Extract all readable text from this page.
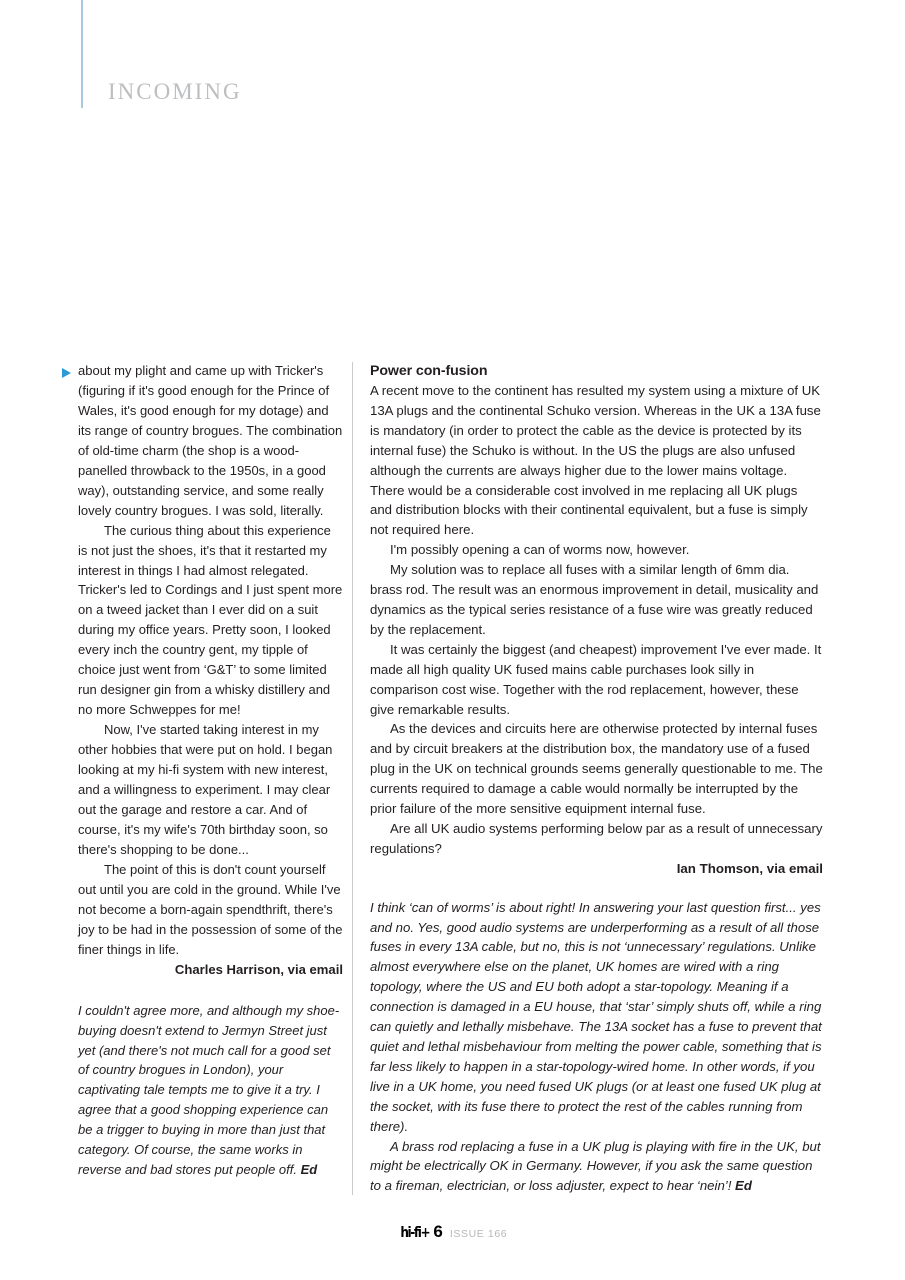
INCOMING

about my plight and came up with Tricker's (figuring if it's good enough for the Prince of Wales, it's good enough for my dotage) and its range of country brogues. The combination of old-time charm (the shop is a wood-panelled throwback to the 1950s, in a good way), outstanding service, and some really lovely country brogues. I was sold, literally.

The curious thing about this experience is not just the shoes, it's that it restarted my interest in things I had almost relegated. Tricker's led to Cordings and I just spent more on a tweed jacket than I ever did on a suit during my office years. Pretty soon, I looked every inch the country gent, my tipple of choice just went from ‘G&T’ to some limited run designer gin from a whisky distillery and no more Schweppes for me!

Now, I've started taking interest in my other hobbies that were put on hold. I began looking at my hi-fi system with new interest, and a willingness to experiment. I may clear out the garage and restore a car. And of course, it's my wife's 70th birthday soon, so there's shopping to be done...

The point of this is don't count yourself out until you are cold in the ground. While I've not become a born-again spendthrift, there's joy to be had in the possession of some of the finer things in life.

Charles Harrison, via email

I couldn't agree more, and although my shoe-buying doesn't extend to Jermyn Street just yet (and there's not much call for a good set of country brogues in London), your captivating tale tempts me to give it a try. I agree that a good shopping experience can be a trigger to buying in more than just that category. Of course, the same works in reverse and bad stores put people off. Ed

Power con-fusion

A recent move to the continent has resulted my system using a mixture of UK 13A plugs and the continental Schuko version. Whereas in the UK a 13A fuse is mandatory (in order to protect the cable as the device is protected by its internal fuse) the Schuko is without. In the US the plugs are also unfused although the currents are always higher due to the lower mains voltage. There would be a considerable cost involved in me replacing all UK plugs and distribution blocks with their continental equivalent, but a fuse is simply not required here.

I'm possibly opening a can of worms now, however.

My solution was to replace all fuses with a similar length of 6mm dia. brass rod. The result was an enormous improvement in detail, musicality and dynamics as the typical series resistance of a fuse wire was greatly reduced by the replacement.

It was certainly the biggest (and cheapest) improvement I've ever made. It made all high quality UK fused mains cable purchases look silly in comparison cost wise. Together with the rod replacement, however, these give remarkable results.

As the devices and circuits here are otherwise protected by internal fuses and by circuit breakers at the distribution box, the mandatory use of a fused plug in the UK on technical grounds seems generally questionable to me. The currents required to damage a cable would normally be interrupted by the prior failure of the more sensitive equipment internal fuse.

Are all UK audio systems performing below par as a result of unnecessary regulations?

Ian Thomson, via email

I think ‘can of worms’ is about right! In answering your last question first... yes and no. Yes, good audio systems are underperforming as a result of all those fuses in every 13A cable, but no, this is not ‘unnecessary’ regulations. Unlike almost everywhere else on the planet, UK homes are wired with a ring topology, where the US and EU both adopt a star-topology. Meaning if a connection is damaged in a EU house, that ‘star’ simply shuts off, while a ring can quietly and lethally misbehave. The 13A socket has a fuse to prevent that quiet and lethal misbehaviour from melting the power cable, something that is far less likely to happen in a star-topology-wired home. In other words, if you live in a UK home, you need fused UK plugs (or at least one fused UK plug at the socket, with its fuse there to protect the rest of the cables running from there).

A brass rod replacing a fuse in a UK plug is playing with fire in the UK, but might be electrically OK in Germany. However, if you ask the same question to a fireman, electrician, or loss adjuster, expect to hear ‘nein’! Ed

hi-fi+ 6 ISSUE 166
